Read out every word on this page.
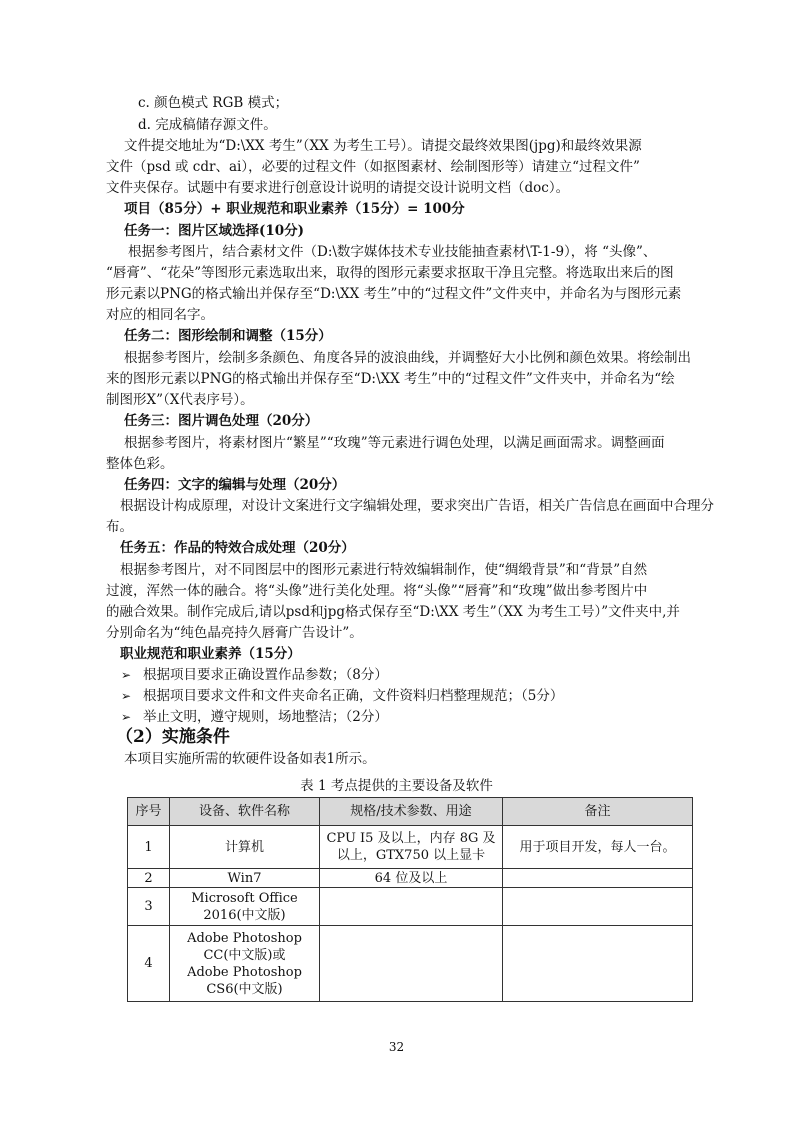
c. 颜色模式 RGB 模式；
d. 完成稿储存源文件。
文件提交地址为“D:\XX 考生”（XX 为考生工号）。请提交最终效果图(jpg)和最终效果源
文件（psd 或 cdr、ai），必要的过程文件（如抠图素材、绘制图形等）请建立“过程文件”
文件夹保存。试题中有要求进行创意设计说明的请提交设计说明文档（doc）。
项目（85分）+ 职业规范和职业素养（15分）= 100分
任务一：图片区域选择(10分)
根据参考图片，结合素材文件（D:\数字媒体技术专业技能抽查素材\T-1-9），将 “头像”、
“唇膏”、“花朵”等图形元素选取出来，取得的图形元素要求抠取干净且完整。将选取出来后的图
形元素以PNG的格式输出并保存至“D:\XX 考生”中的“过程文件”文件夹中，并命名为与图形元素
对应的相同名字。
任务二：图形绘制和调整（15分）
根据参考图片，绘制多条颜色、角度各异的波浪曲线，并调整好大小比例和颜色效果。将绘制出
来的图形元素以PNG的格式输出并保存至“D:\XX 考生”中的“过程文件”文件夹中，并命名为“绘
制图形X”（X代表序号）。
任务三：图片调色处理（20分）
根据参考图片，将素材图片“繁星”“玫瑰”等元素进行调色处理，以满足画面需求。调整画面
整体色彩。
任务四：文字的编辑与处理（20分）
根据设计构成原理，对设计文案进行文字编辑处理，要求突出广告语，相关广告信息在画面中合理分
布。
任务五：作品的特效合成处理（20分）
根据参考图片，对不同图层中的图形元素进行特效编辑制作，使“绸缎背景”和“背景”自然
过渡，浑然一体的融合。将“头像”进行美化处理。将“头像”“唇膏”和“玫瑰”做出参考图片中
的融合效果。制作完成后,请以psd和jpg格式保存至“D:\XX 考生”（XX 为考生工号）”文件夹中,并
分别命名为“纯色晶亮持久唇膏广告设计”。
职业规范和职业素养（15分）
➢ 根据项目要求正确设置作品参数；（8分）
➢ 根据项目要求文件和文件夹命名正确，文件资料归档整理规范；（5分）
➢ 举止文明，遵守规则，场地整洁；（2分）
（2）实施条件
本项目实施所需的软硬件设备如表1所示。
表 1 考点提供的主要设备及软件
序号	设备、软件名称	规格/技术参数、用途	备注
1	计算机	CPU I5 及以上，内存 8G 及
以上，GTX750 以上显卡	用于项目开发，每人一台。
2	Win7	64 位及以上	
3	Microsoft Office
2016(中文版)		

4	Adobe Photoshop
CC(中文版)或
Adobe Photoshop
CS6(中文版)		

32
